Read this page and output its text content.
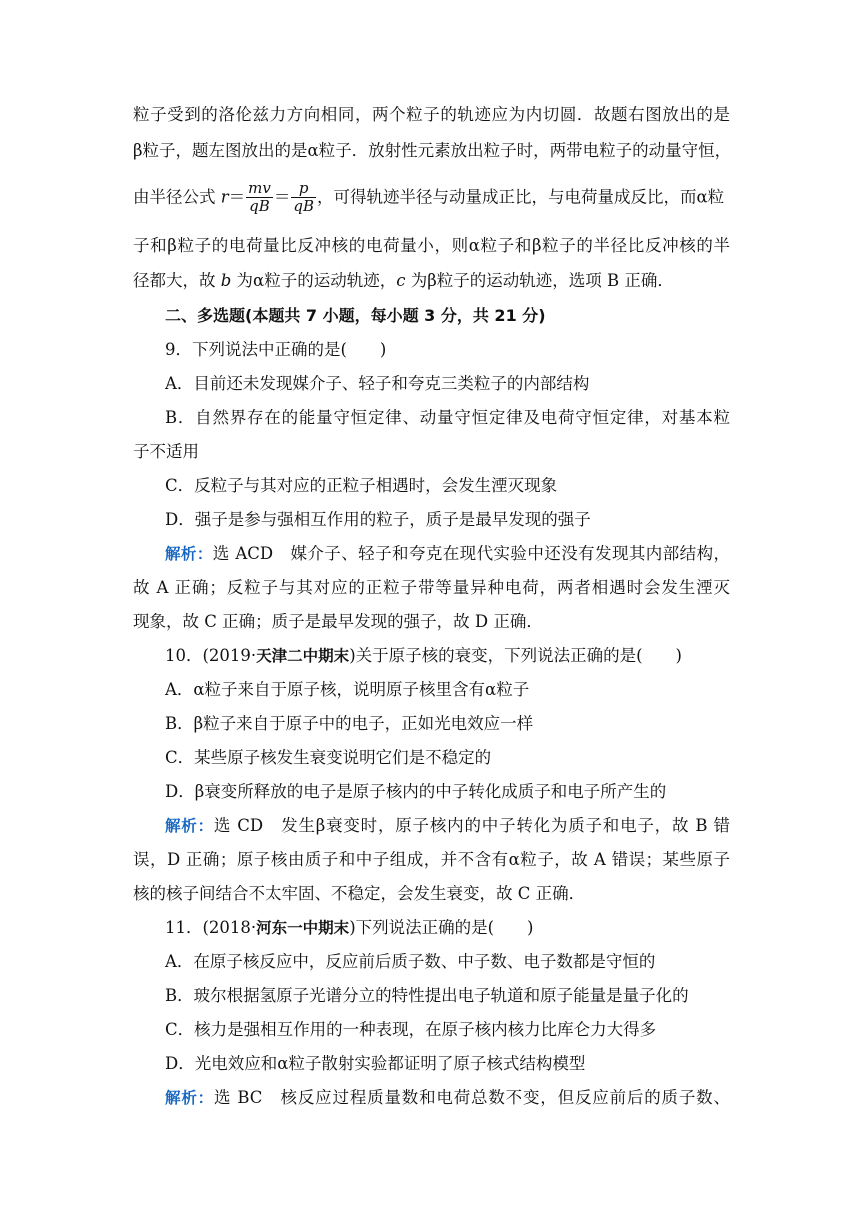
粒子受到的洛伦兹力方向相同，两个粒子的轨迹应为内切圆．故题右图放出的是
β粒子，题左图放出的是α粒子．放射性元素放出粒子时，两带电粒子的动量守恒，
由半径公式 $r= \frac{mv}{qB} = \frac{p}{qB}$ ，可得轨迹半径与动量成正比，与电荷量成反比，而α粒
子和β粒子的电荷量比反冲核的电荷量小，则α粒子和β粒子的半径比反冲核的半
径都大，故 b 为α粒子的运动轨迹，c 为β粒子的运动轨迹，选项 B 正确．
二、多选题(本题共 7 小题，每小题 3 分，共 21 分)
9．下列说法中正确的是(　　)
A．目前还未发现媒介子、轻子和夸克三类粒子的内部结构
B．自然界存在的能量守恒定律、动量守恒定律及电荷守恒定律，对基本粒
子不适用
C．反粒子与其对应的正粒子相遇时，会发生湮灭现象
D．强子是参与强相互作用的粒子，质子是最早发现的强子
解析：选 ACD　媒介子、轻子和夸克在现代实验中还没有发现其内部结构，
故 A 正确；反粒子与其对应的正粒子带等量异种电荷，两者相遇时会发生湮灭
现象，故 C 正确；质子是最早发现的强子，故 D 正确．
10．(2019·天津二中期末)关于原子核的衰变，下列说法正确的是(　　)
A．α粒子来自于原子核，说明原子核里含有α粒子
B．β粒子来自于原子中的电子，正如光电效应一样
C．某些原子核发生衰变说明它们是不稳定的
D．β衰变所释放的电子是原子核内的中子转化成质子和电子所产生的
解析：选 CD　发生β衰变时，原子核内的中子转化为质子和电子，故 B 错
误，D 正确；原子核由质子和中子组成，并不含有α粒子，故 A 错误；某些原子
核的核子间结合不太牢固、不稳定，会发生衰变，故 C 正确．
11．(2018·河东一中期末)下列说法正确的是(　　)
A．在原子核反应中，反应前后质子数、中子数、电子数都是守恒的
B．玻尔根据氢原子光谱分立的特性提出电子轨道和原子能量是量子化的
C．核力是强相互作用的一种表现，在原子核内核力比库仑力大得多
D．光电效应和α粒子散射实验都证明了原子核式结构模型
解析：选 BC　核反应过程质量数和电荷总数不变，但反应前后的质子数、
